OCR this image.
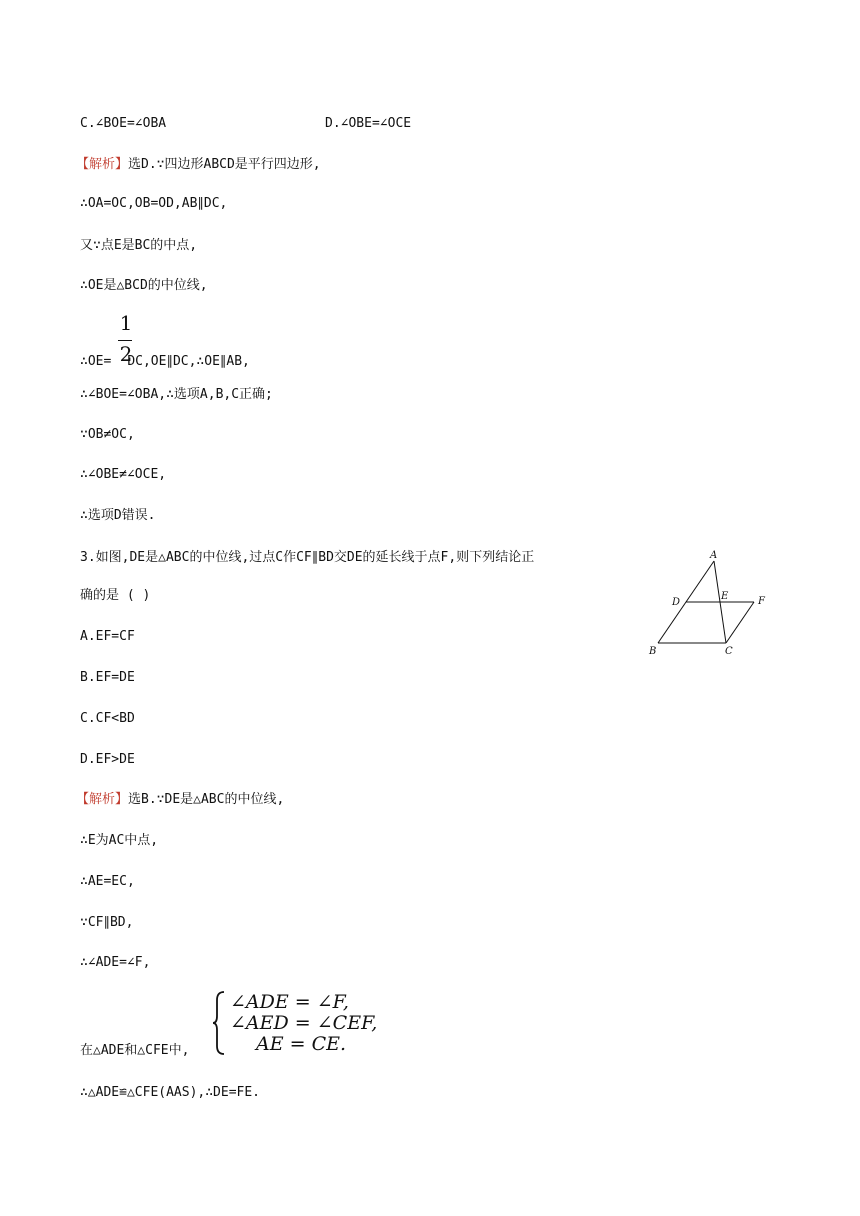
C.∠BOE=∠OBA	D.∠OBE=∠OCE
【解析】选D.∵四边形ABCD是平行四边形,
∴OA=OC,OB=OD,AB∥DC,
又∵点E是BC的中点,
∴OE是△BCD的中位线,
1
2
∴OE= DC,OE∥DC,∴OE∥AB,
∴∠BOE=∠OBA,∴选项A,B,C正确;
∵OB≠OC,
∴∠OBE≠∠OCE,
∴选项D错误.
3.如图,DE是△ABC的中位线,过点C作CF∥BD交DE的延长线于点F,则下列结论正
确的是 ( )
A.EF=CF
B.EF=DE
C.CF<BD
D.EF>DE
【解析】选B.∵DE是△ABC的中位线,
∴E为AC中点,
∴AE=EC,
∵CF∥BD,
∴∠ADE=∠F,
∠ADE = ∠F,
∠AED = ∠CEF,
AE = CE.
在△ADE和△CFE中,
∴△ADE≌△CFE(AAS),∴DE=FE.
A
D
E	F
B	C
